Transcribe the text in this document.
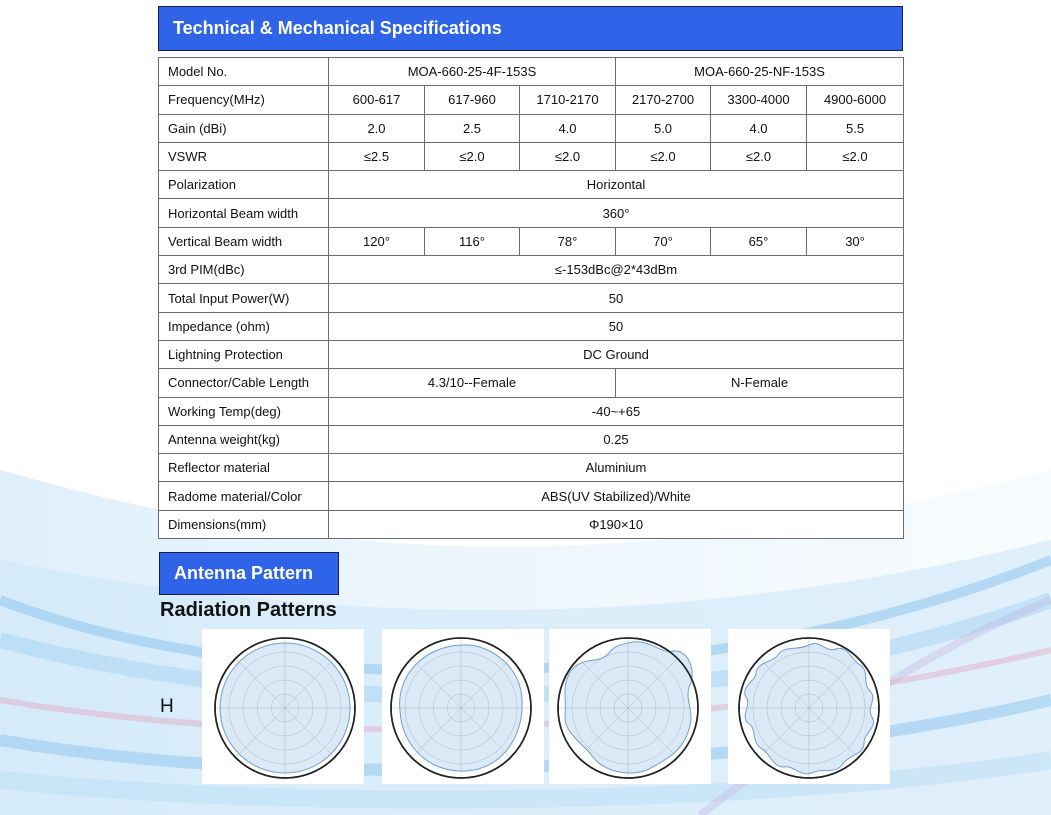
Technical & Mechanical Specifications
Model No.	MOA-660-25-4F-153S			MOA-660-25-NF-153S		
Frequency(MHz)	600-617	617-960	1710-2170	2170-2700	3300-4000	4900-6000
Gain (dBi)	2.0	2.5	4.0	5.0	4.0	5.5
VSWR	≤2.5	≤2.0	≤2.0	≤2.0	≤2.0	≤2.0
Polarization	Horizontal					
Horizontal Beam width	360°					
Vertical Beam width	120°	116°	78°	70°	65°	30°
3rd PIM(dBc)	≤-153dBc@2*43dBm					
Total Input Power(W)	50					
Impedance (ohm)	50					
Lightning Protection	DC Ground					
Connector/Cable Length	4.3/10--Female			N-Female		
Working Temp(deg)	-40~+65					
Antenna weight(kg)	0.25					
Reflector material	Aluminium					
Radome material/Color	ABS(UV Stabilized)/White					
Dimensions(mm)	Φ190×10					
Antenna Pattern
Radiation Patterns
H
